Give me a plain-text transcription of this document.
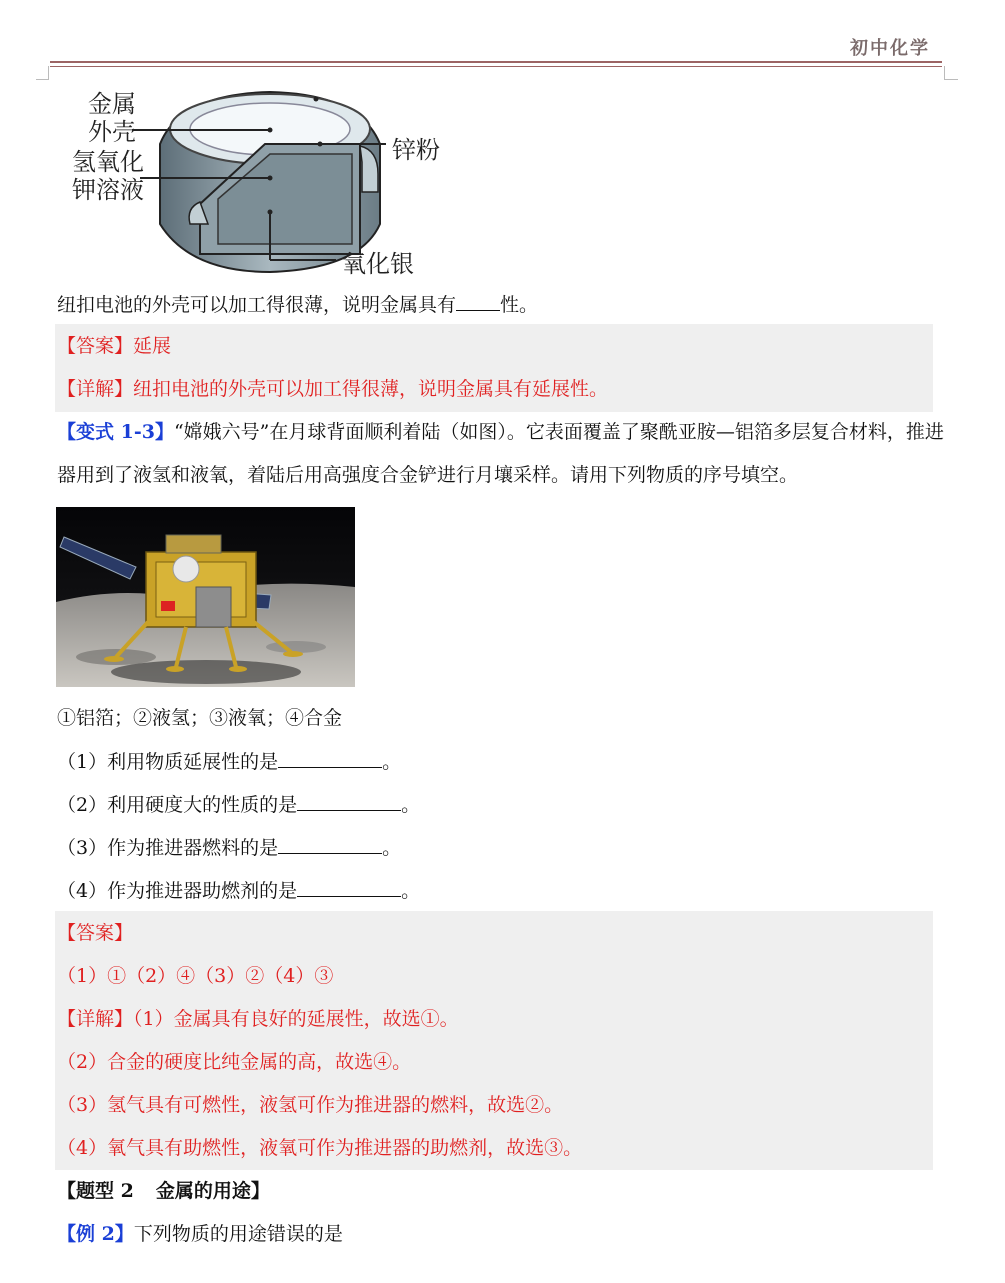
初中化学
金属
外壳
氢氧化
钾溶液
锌粉
氧化银
纽扣电池的外壳可以加工得很薄，说明金属具有 性。
【答案】延展
【详解】纽扣电池的外壳可以加工得很薄，说明金属具有延展性。
【变式 1-3】“嫦娥六号”在月球背面顺利着陆（如图）。它表面覆盖了聚酰亚胺—铝箔多层复合材料，推进
器用到了液氢和液氧，着陆后用高强度合金铲进行月壤采样。请用下列物质的序号填空。
①铝箔；②液氢；③液氧；④合金
（1）利用物质延展性的是	。
（2）利用硬度大的性质的是	。
（3）作为推进器燃料的是	。
（4）作为推进器助燃剂的是	。
【答案】
（1）①（2）④（3）②（4）③
【详解】（1）金属具有良好的延展性，故选①。
（2）合金的硬度比纯金属的高，故选④。
（3）氢气具有可燃性，液氢可作为推进器的燃料，故选②。
（4）氧气具有助燃性，液氧可作为推进器的助燃剂，故选③。
【题型 2 金属的用途】
【例 2】下列物质的用途错误的是
